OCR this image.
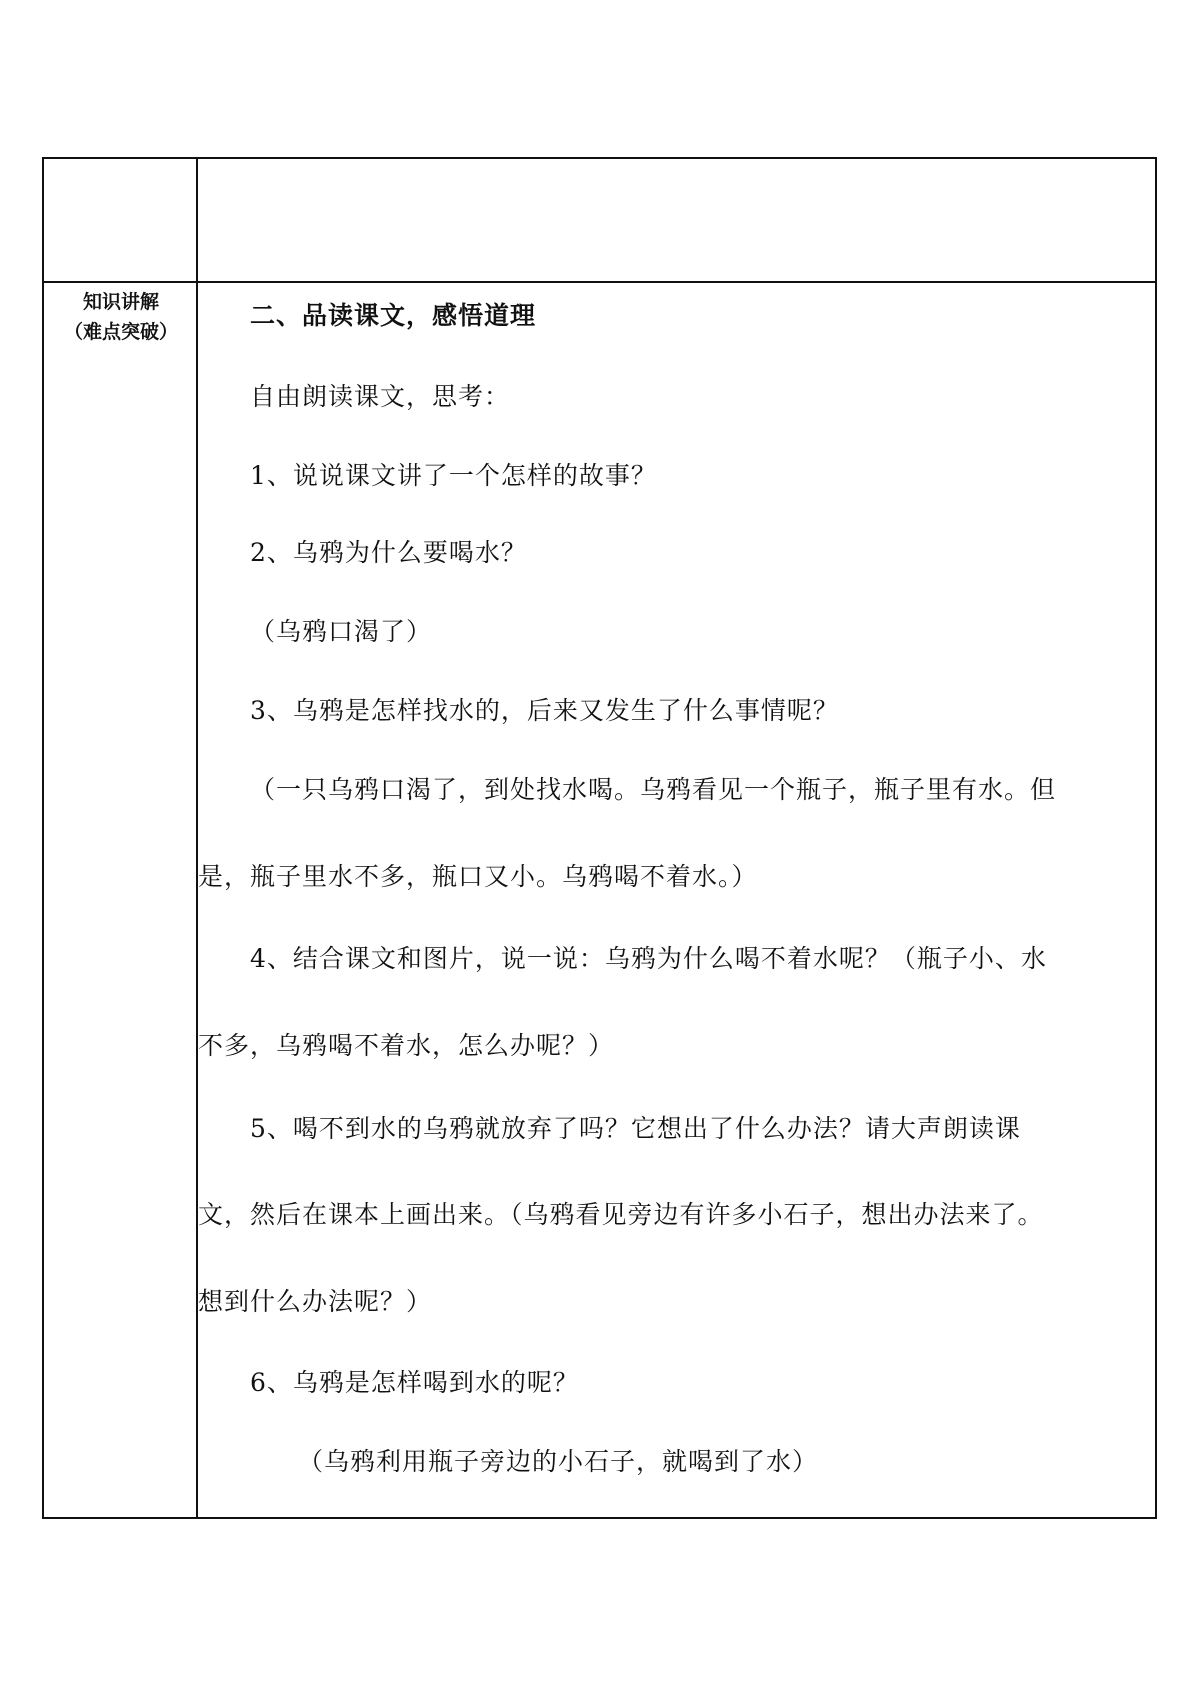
知识讲解
（难点突破）
二、品读课文，感悟道理
自由朗读课文，思考：
1、说说课文讲了一个怎样的故事？
2、乌鸦为什么要喝水？
（乌鸦口渴了）
3、乌鸦是怎样找水的，后来又发生了什么事情呢？
（一只乌鸦口渴了，到处找水喝。乌鸦看见一个瓶子，瓶子里有水。但
是，瓶子里水不多，瓶口又小。乌鸦喝不着水。）
4、结合课文和图片，说一说：乌鸦为什么喝不着水呢？（瓶子小、水
不多，乌鸦喝不着水，怎么办呢？）
5、喝不到水的乌鸦就放弃了吗？它想出了什么办法？请大声朗读课
文，然后在课本上画出来。（乌鸦看见旁边有许多小石子，想出办法来了。
想到什么办法呢？）
6、乌鸦是怎样喝到水的呢？
（乌鸦利用瓶子旁边的小石子，就喝到了水）
